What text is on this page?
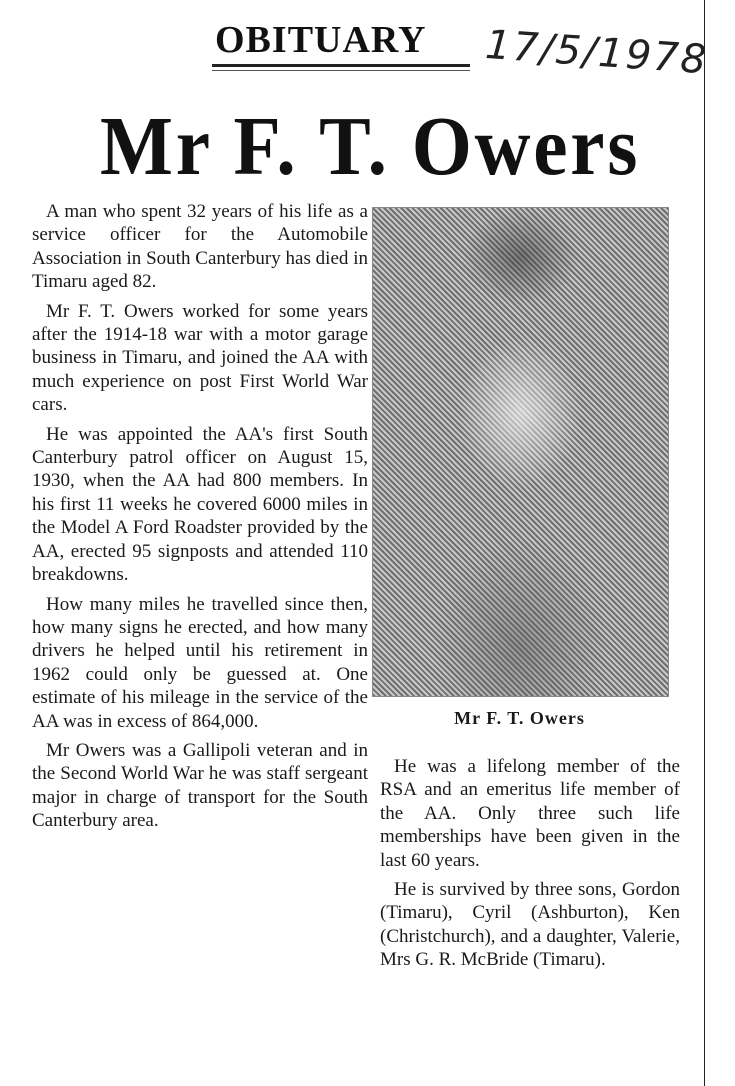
OBITUARY 17/5/1978
Mr F. T. Owers

A man who spent 32 years of his life as a service officer for the Automobile Association in South Canterbury has died in Timaru aged 82.

Mr F. T. Owers worked for some years after the 1914-18 war with a motor garage business in Timaru, and joined the AA with much experience on post First World War cars.

He was appointed the AA's first South Canterbury patrol officer on August 15, 1930, when the AA had 800 members. In his first 11 weeks he covered 6000 miles in the Model A Ford Roadster provided by the AA, erected 95 signposts and attended 110 breakdowns.

How many miles he travelled since then, how many signs he erected, and how many drivers he helped until his retirement in 1962 could only be guessed at. One estimate of his mileage in the service of the AA was in excess of 864,000.

Mr Owers was a Gallipoli veteran and in the Second World War he was staff sergeant major in charge of transport for the South Canterbury area.

Mr F. T. Owers

He was a lifelong member of the RSA and an emeritus life member of the AA. Only three such life memberships have been given in the last 60 years.

He is survived by three sons, Gordon (Timaru), Cyril (Ashburton), Ken (Christchurch), and a daughter, Valerie, Mrs G. R. McBride (Timaru).
